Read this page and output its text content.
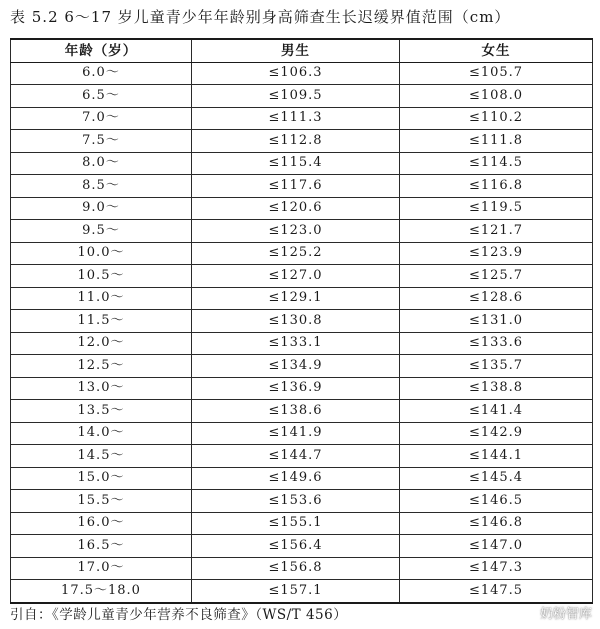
表 5.2 6～17 岁儿童青少年年龄别身高筛查生长迟缓界值范围（cm）
年龄（岁）	男生	女生
6.0～	≤106.3	≤105.7
6.5～	≤109.5	≤108.0
7.0～	≤111.3	≤110.2
7.5～	≤112.8	≤111.8
8.0～	≤115.4	≤114.5
8.5～	≤117.6	≤116.8
9.0～	≤120.6	≤119.5
9.5～	≤123.0	≤121.7
10.0～	≤125.2	≤123.9
10.5～	≤127.0	≤125.7
11.0～	≤129.1	≤128.6
11.5～	≤130.8	≤131.0
12.0～	≤133.1	≤133.6
12.5～	≤134.9	≤135.7
13.0～	≤136.9	≤138.8
13.5～	≤138.6	≤141.4
14.0～	≤141.9	≤142.9
14.5～	≤144.7	≤144.1
15.0～	≤149.6	≤145.4
15.5～	≤153.6	≤146.5
16.0～	≤155.1	≤146.8
16.5～	≤156.4	≤147.0
17.0～	≤156.8	≤147.3
17.5～18.0	≤157.1	≤147.5
引自：《学龄儿童青少年营养不良筛查》（WS/T 456）	奶粉智库
